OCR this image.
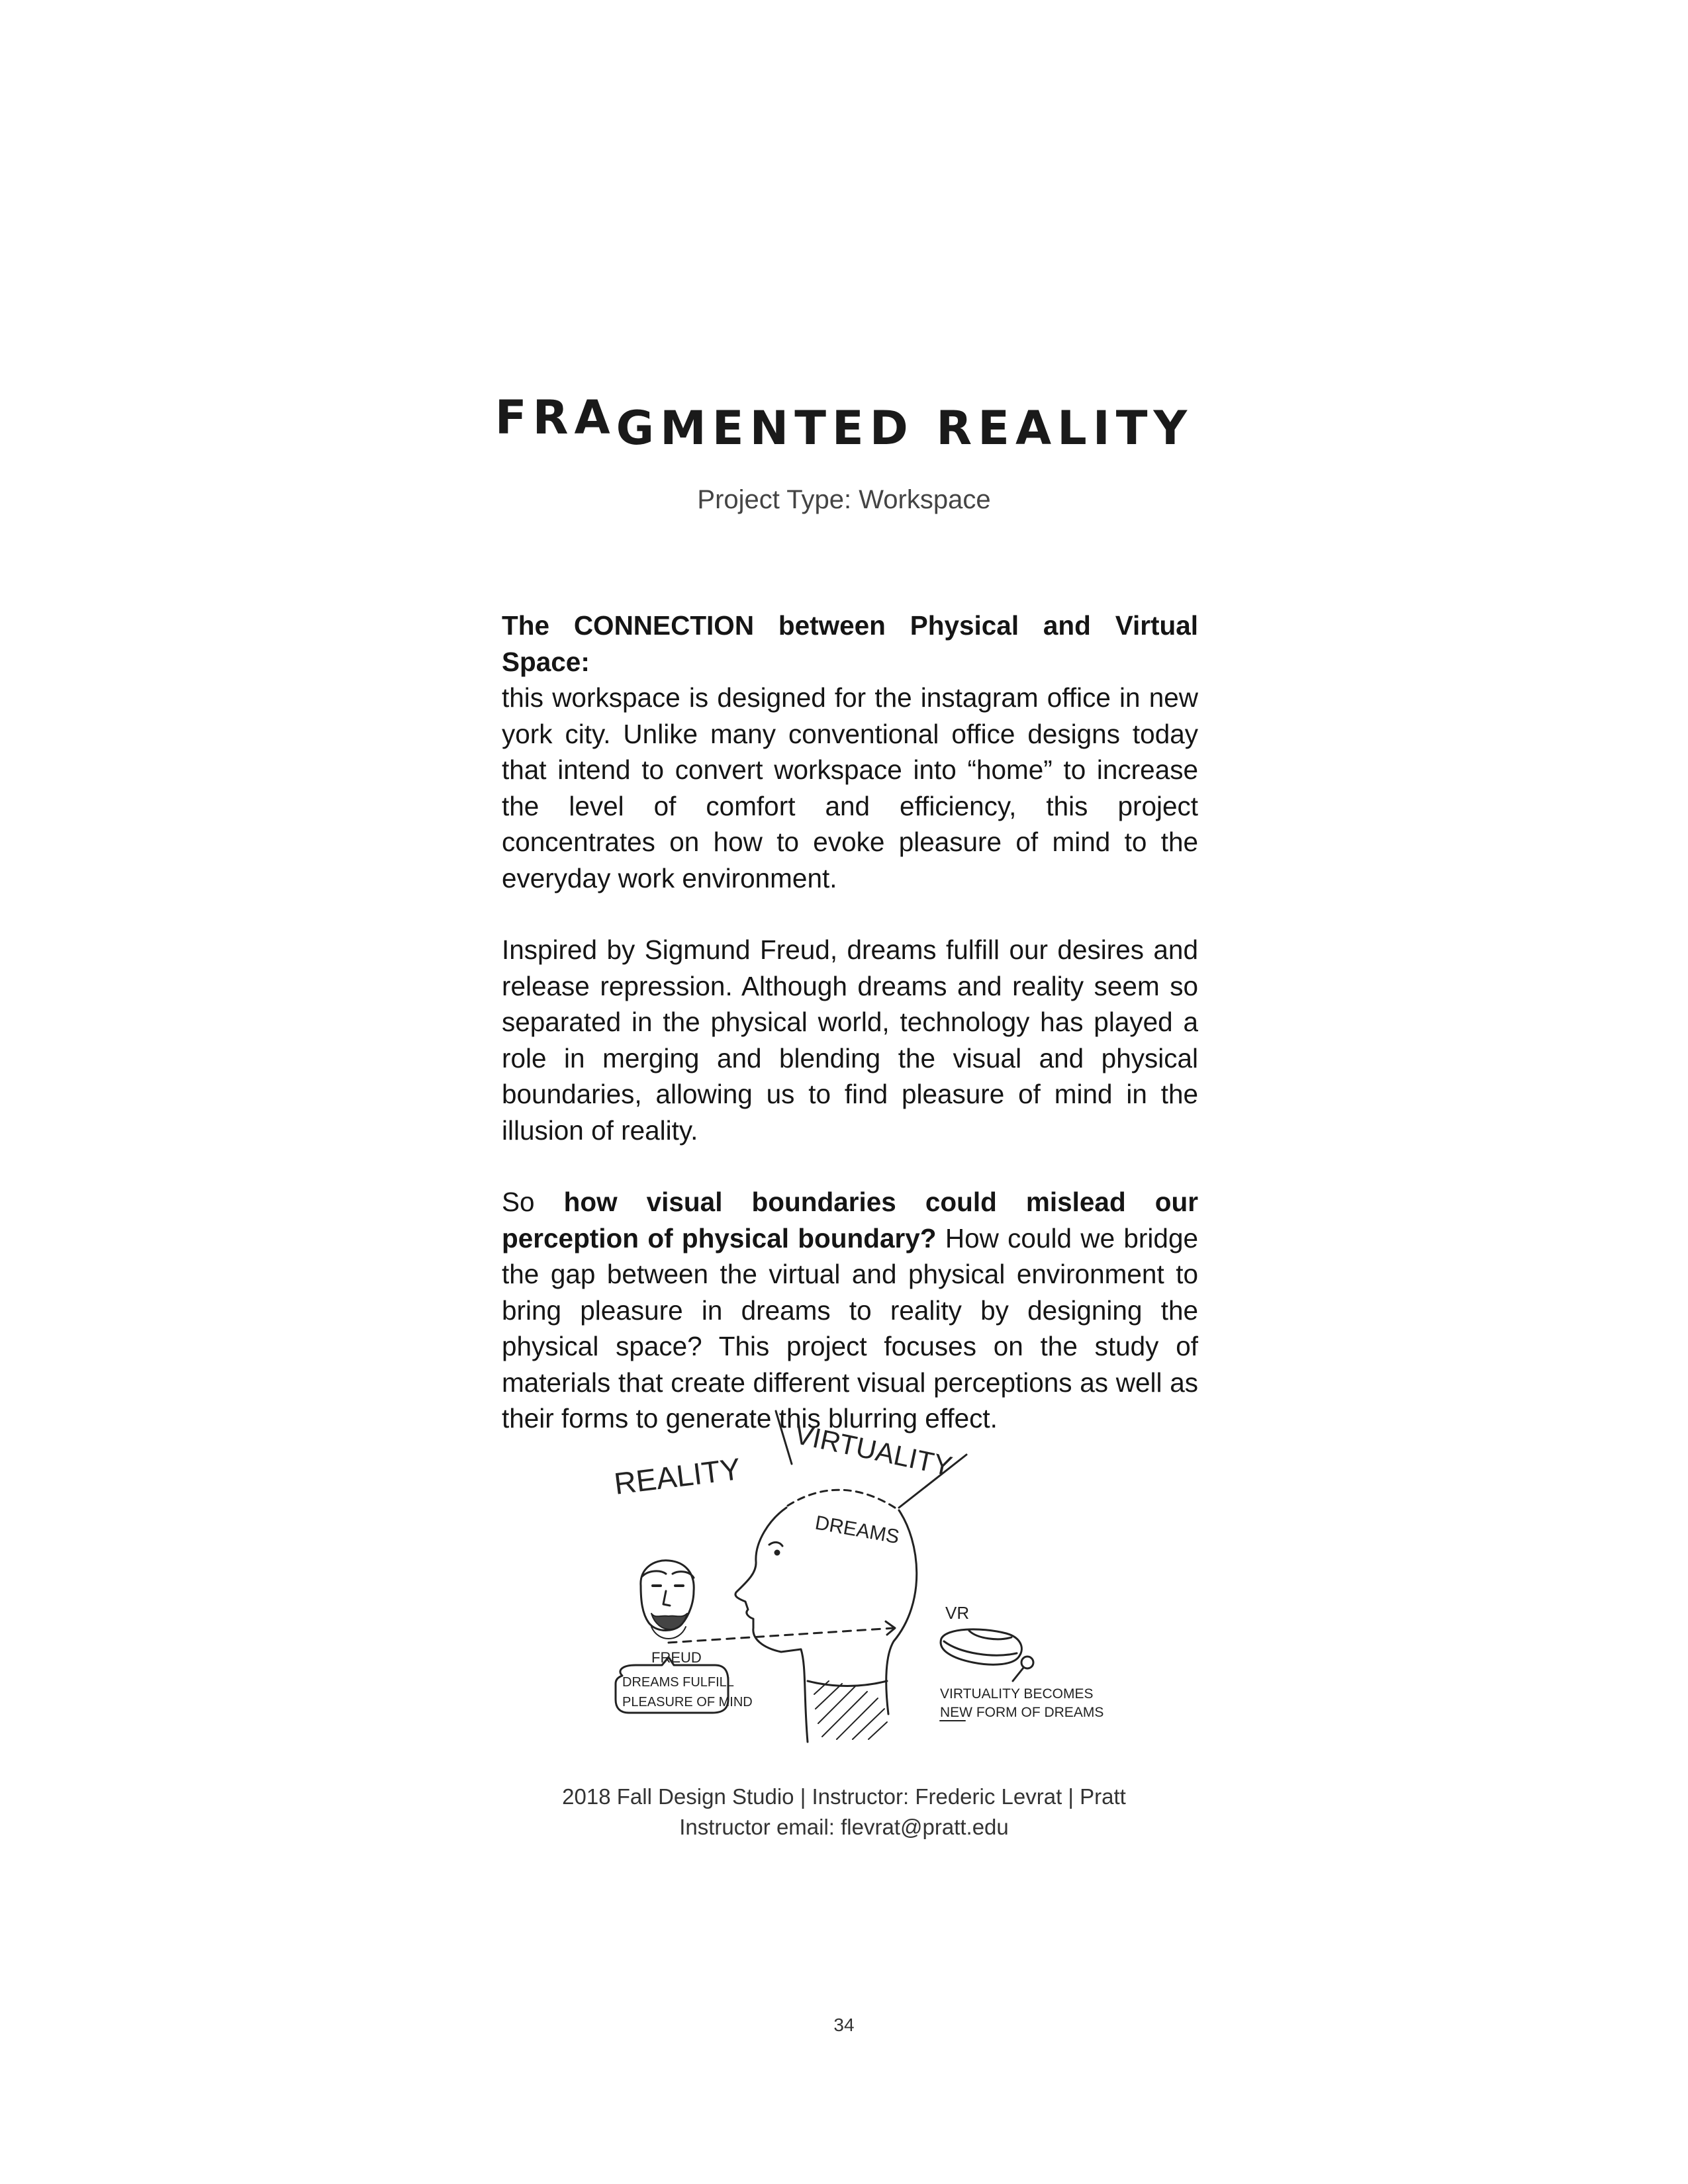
FRAGMENTED REALITY
Project Type: Workspace

The CONNECTION between Physical and Virtual Space:
this workspace is designed for the instagram office in new york city. Unlike many conventional office designs today that intend to convert workspace into “home” to increase the level of comfort and efficiency, this project concentrates on how to evoke pleasure of mind to the everyday work environment.

Inspired by Sigmund Freud, dreams fulfill our desires and release repression. Although dreams and reality seem so separated in the physical world, technology has played a role in merging and blending the visual and physical boundaries, allowing us to find pleasure of mind in the illusion of reality.

So how visual boundaries could mislead our perception of physical boundary? How could we bridge the gap between the virtual and physical environment to bring pleasure in dreams to reality by designing the physical space? This project focuses on the study of materials that create different visual perceptions as well as their forms to generate this blurring effect.

REALITY VIRTUALITY
DREAMS
FREUD
DREAMS FULFILL
PLEASURE OF MIND
VR
VIRTUALITY BECOMES
NEW FORM OF DREAMS
2018 Fall Design Studio | Instructor: Frederic Levrat | Pratt
Instructor email: flevrat@pratt.edu
34
